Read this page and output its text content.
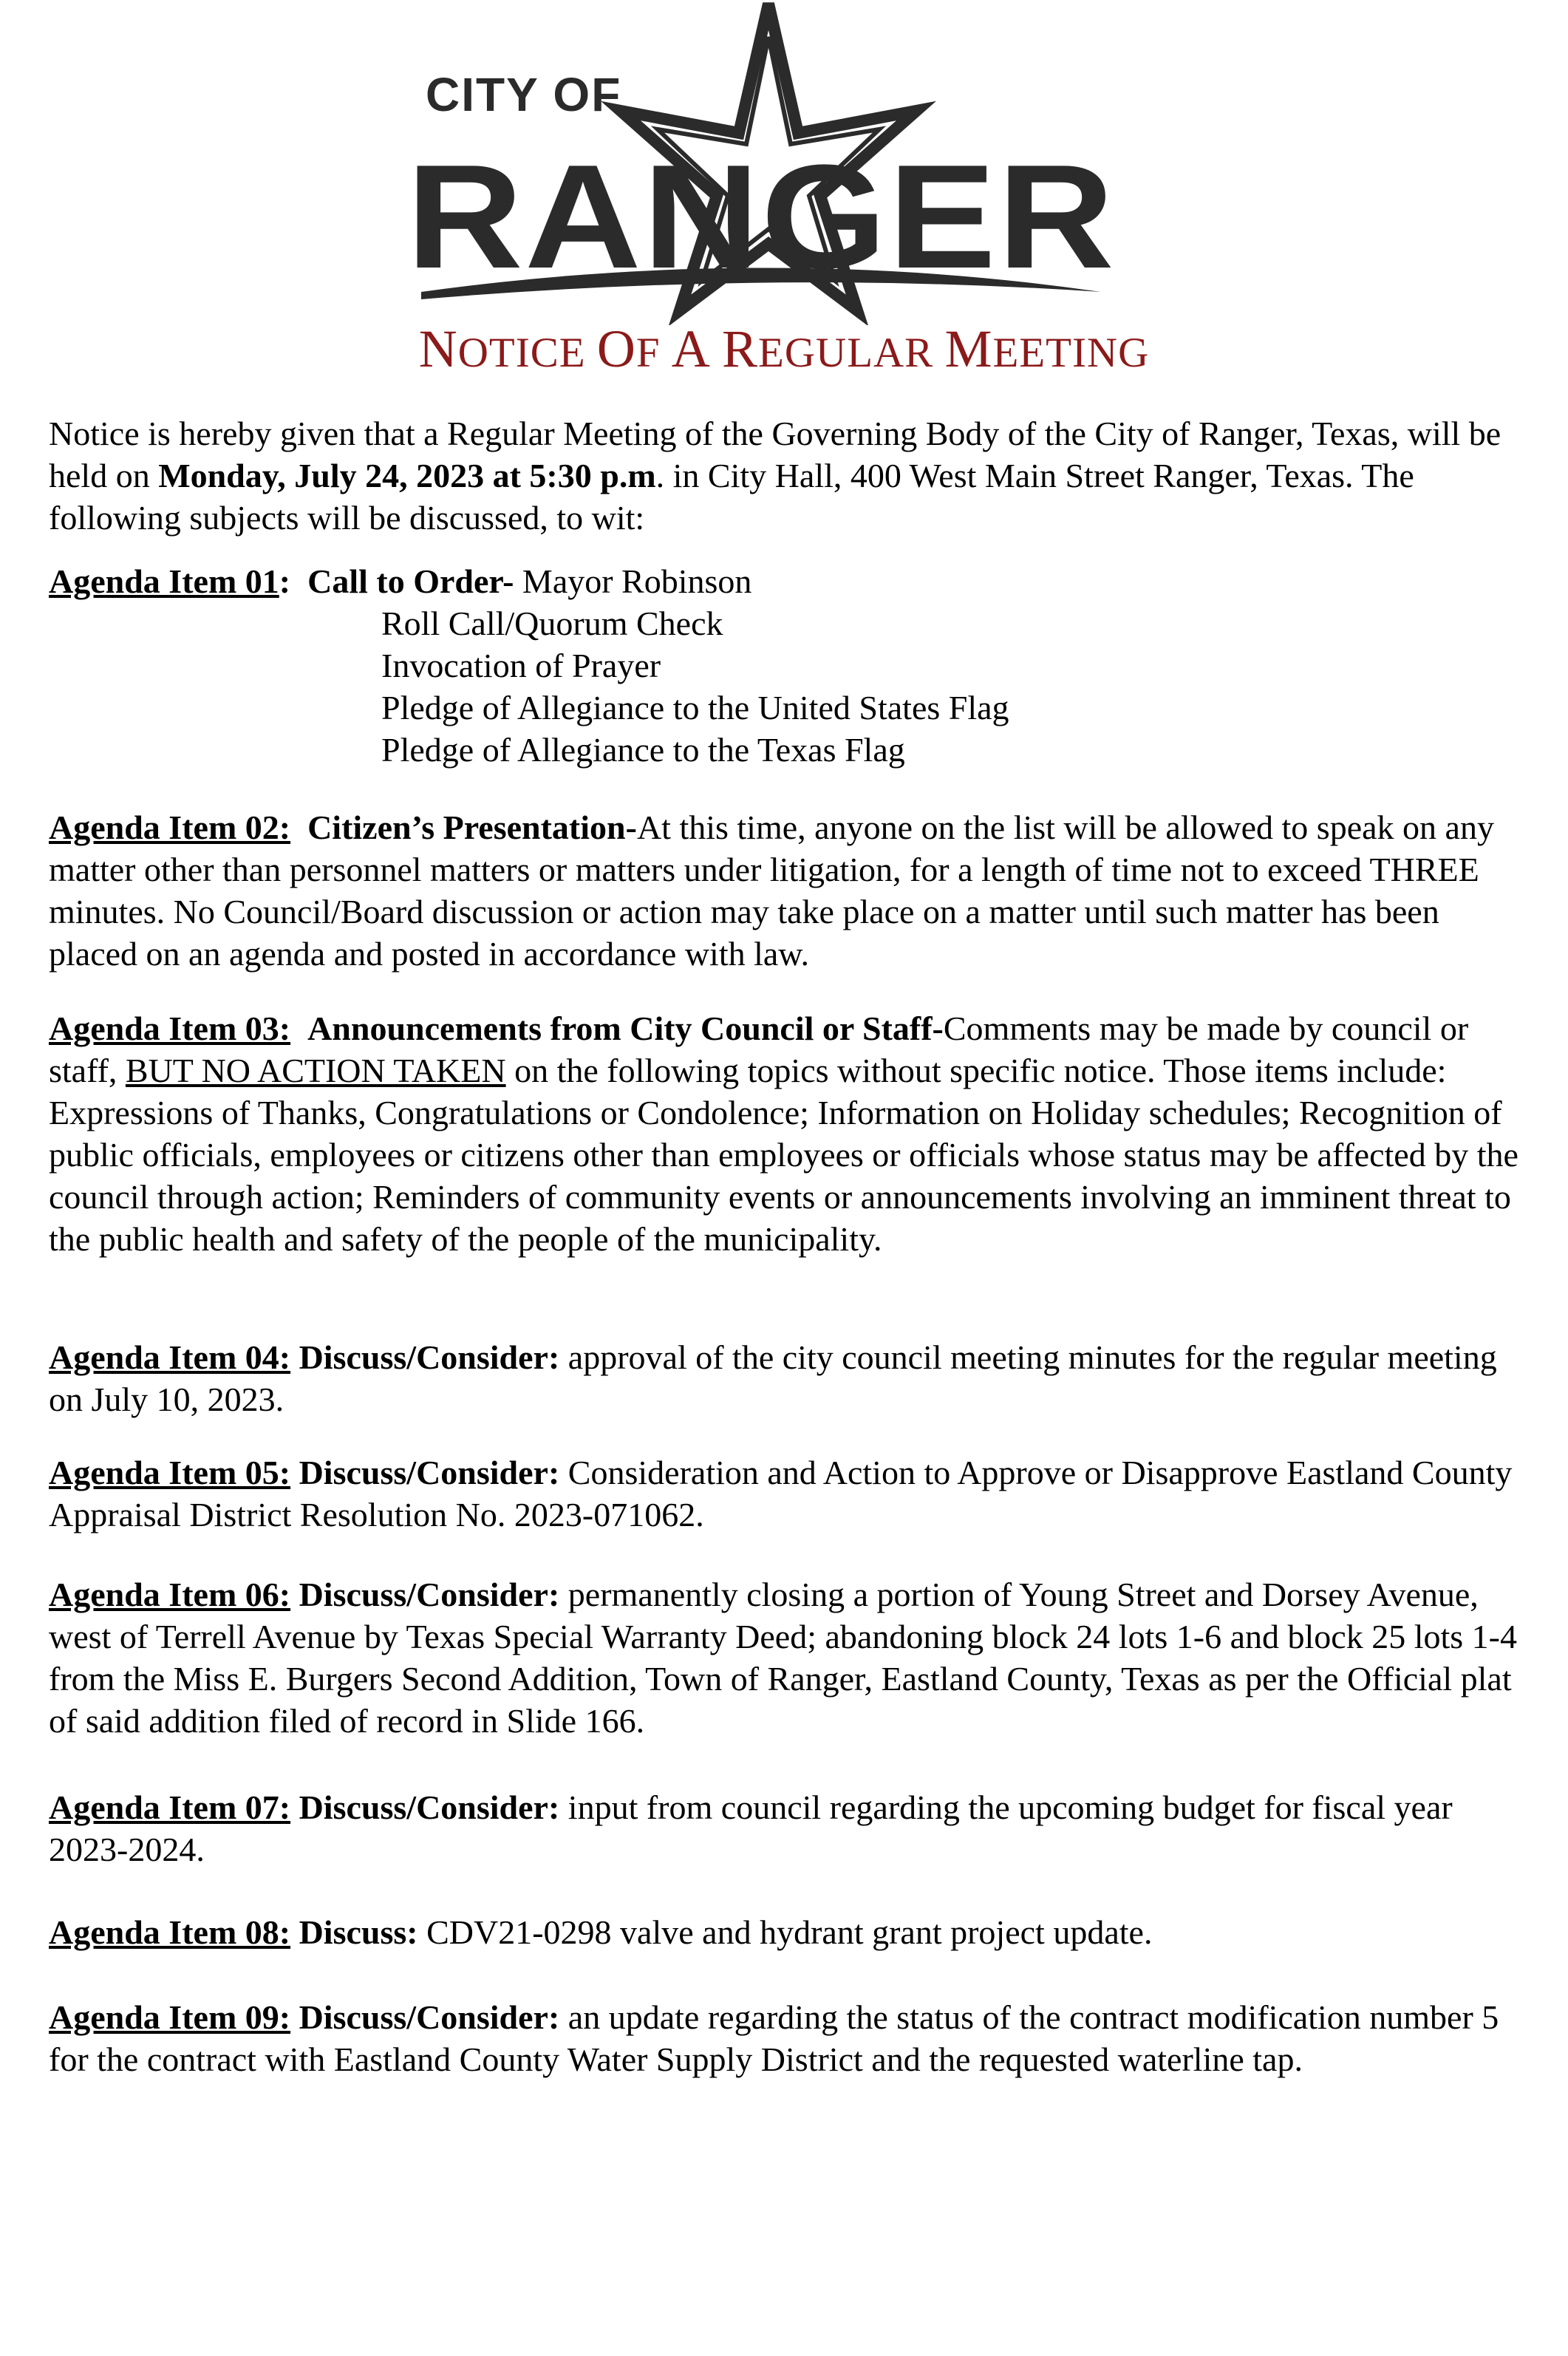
CITY OF
RANGER
NOTICE OF A REGULAR MEETING

Notice is hereby given that a Regular Meeting of the Governing Body of the City of Ranger, Texas, will be held on Monday, July 24, 2023 at 5:30 p.m. in City Hall, 400 West Main Street Ranger, Texas. The following subjects will be discussed, to wit:

Agenda Item 01: Call to Order- Mayor Robinson

Roll Call/Quorum Check

Invocation of Prayer

Pledge of Allegiance to the United States Flag

Pledge of Allegiance to the Texas Flag

Agenda Item 02: Citizen’s Presentation-At this time, anyone on the list will be allowed to speak on any matter other than personnel matters or matters under litigation, for a length of time not to exceed THREE minutes. No Council/Board discussion or action may take place on a matter until such matter has been placed on an agenda and posted in accordance with law.

Agenda Item 03: Announcements from City Council or Staff-Comments may be made by council or staff, BUT NO ACTION TAKEN on the following topics without specific notice. Those items include: Expressions of Thanks, Congratulations or Condolence; Information on Holiday schedules; Recognition of public officials, employees or citizens other than employees or officials whose status may be affected by the council through action; Reminders of community events or announcements involving an imminent threat to the public health and safety of the people of the municipality.

Agenda Item 04: Discuss/Consider: approval of the city council meeting minutes for the regular meeting on July 10, 2023.

Agenda Item 05: Discuss/Consider: Consideration and Action to Approve or Disapprove Eastland County Appraisal District Resolution No. 2023-071062.

Agenda Item 06: Discuss/Consider: permanently closing a portion of Young Street and Dorsey Avenue, west of Terrell Avenue by Texas Special Warranty Deed; abandoning block 24 lots 1-6 and block 25 lots 1-4 from the Miss E. Burgers Second Addition, Town of Ranger, Eastland County, Texas as per the Official plat of said addition filed of record in Slide 166.

Agenda Item 07: Discuss/Consider: input from council regarding the upcoming budget for fiscal year 2023-2024.

Agenda Item 08: Discuss: CDV21-0298 valve and hydrant grant project update.

Agenda Item 09: Discuss/Consider: an update regarding the status of the contract modification number 5 for the contract with Eastland County Water Supply District and the requested waterline tap.
